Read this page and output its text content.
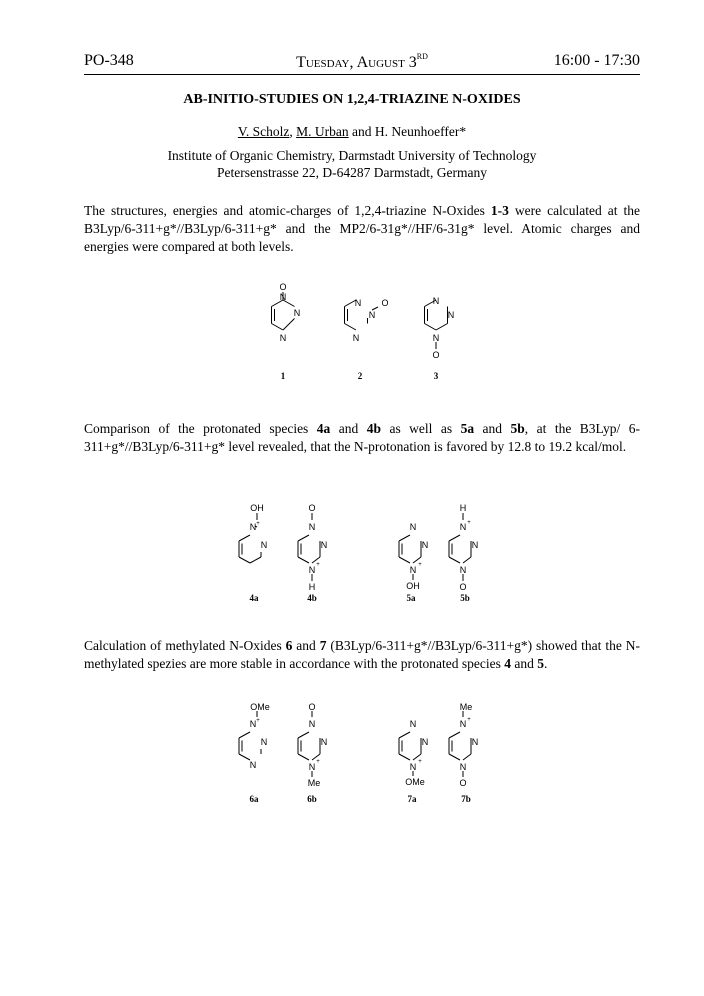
PO-348	Tuesday, August 3RD	16:00 - 17:30
AB-INITIO-STUDIES ON 1,2,4-TRIAZINE N-OXIDES
V. Scholz, M. Urban and H. Neunhoeffer*
Institute of Organic Chemistry, Darmstadt University of Technology
Petersenstrasse 22, D-64287 Darmstadt, Germany
The structures, energies and atomic-charges of 1,2,4-triazine N-Oxides 1-3 were calculated at the B3Lyp/6-311+g*//B3Lyp/6-311+g* and the MP2/6-31g*//HF/6-31g* level. Atomic charges and energies were compared at both levels.
N
N
N
O
1
N
N
N
O
2
N
N
N
O
3
Comparison of the protonated species 4a and 4b as well as 5a and 5b, at the B3Lyp/ 6-311+g*//B3Lyp/6-311+g* level revealed, that the N-protonation is favored by 12.8 to 19.2 kcal/mol.
OH
N +
N
4a
O
N
N
N +
H
4b
N
N
N +
OH
5a
H
N +
N
N
O
5b
OMe
N +
N
N
6a
O
N
N
N +
Me
6b
N
N
N +
OMe
7a
Me
N +
N
N
O
7b
Calculation of methylated N-Oxides 6 and 7 (B3Lyp/6-311+g*//B3Lyp/6-311+g*) showed that the N-methylated spezies are more stable in accordance with the protonated species 4 and 5.
